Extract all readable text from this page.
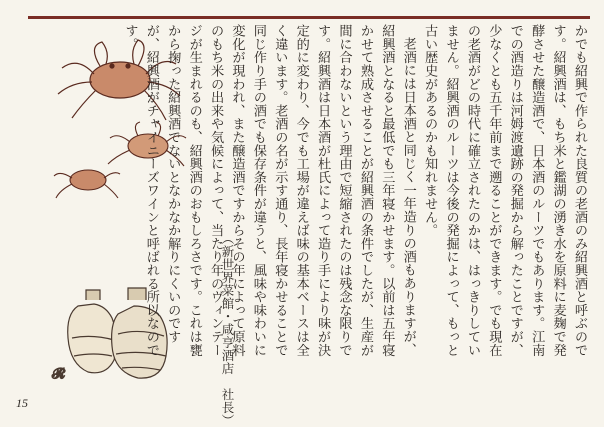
𝓡

かでも紹興で作られた良質の老酒のみ紹興酒と呼ぶのです。紹興酒は、もち米と鑑湖の湧き水を原料に麦麹で発酵させた醸造酒で、日本酒のルーツでもあります。江南での酒造りは河姆渡遺跡の発掘から解ったことですが、少なくとも五千年前まで遡ることができます。でも現在の老酒がどの時代に確立されたのかは、はっきりしていません。紹興酒のルーツは今後の発掘によって、もっと古い歴史があるのかも知れません。

老酒には日本酒と同じく一年造りの酒もありますが、紹興酒となると最低でも三年寝かせます。以前は五年寝かせて熟成させることが紹興酒の条件でしたが、生産が間に合わないという理由で短縮されたのは残念な限りです。紹興酒は日本酒が杜氏によって造り手により味が決定的に変わり、今でも工場が違えば味の基本ベースは全く違います。老酒の名が示す通り、長年寝かせることで同じ作り手の酒でも保存条件が違うと、風味や味わいに変化が現われ、また醸造酒ですからその年によって原料のもち米の出来や気候によって、当たり年のヴィンテージが生まれるのも、紹興酒のおもしろさです。これは甕から掬った紹興酒でないとなかなか解りにくいのですが、紹興酒がチャイニーズワインと呼ばれる所以なのです。

（新世界菜館・咸亨酒店　社長）
15
